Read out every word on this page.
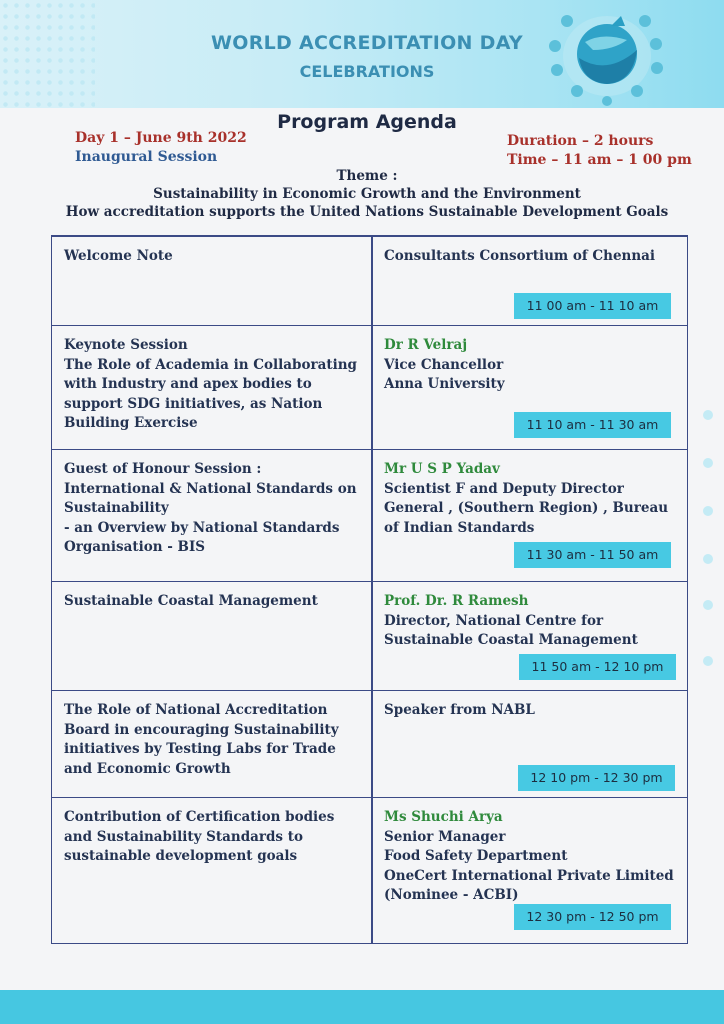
WORLD ACCREDITATION DAY
CELEBRATIONS
Program Agenda
Day 1 – June 9th 2022
Inaugural Session
Duration – 2 hours
Time – 11 am – 1 00 pm
Theme :
Sustainability in Economic Growth and the Environment
How accreditation supports the United Nations Sustainable Development Goals
Welcome Note	Consultants Consortium of Chennai
11 00 am - 11 10 am
Keynote Session
The Role of Academia in Collaborating with Industry and apex bodies to support SDG initiatives, as Nation Building Exercise
Dr R Velraj
Vice Chancellor
Anna University
11 10 am - 11 30 am
Guest of Honour Session :
International & National Standards on Sustainability
- an Overview by National Standards Organisation - BIS
Mr U S P Yadav
Scientist F and Deputy Director General , (Southern Region) , Bureau of Indian Standards
11 30 am - 11 50 am
Sustainable Coastal Management	Prof. Dr. R Ramesh
Director, National Centre for Sustainable Coastal Management
11 50 am - 12 10 pm
The Role of National Accreditation Board in encouraging Sustainability initiatives by Testing Labs for Trade and Economic Growth
Speaker from NABL
12 10 pm - 12 30 pm
Contribution of Certification bodies and Sustainability Standards to sustainable development goals
Ms Shuchi Arya
Senior Manager
Food Safety Department
OneCert International Private Limited (Nominee - ACBI)
12 30 pm - 12 50 pm
